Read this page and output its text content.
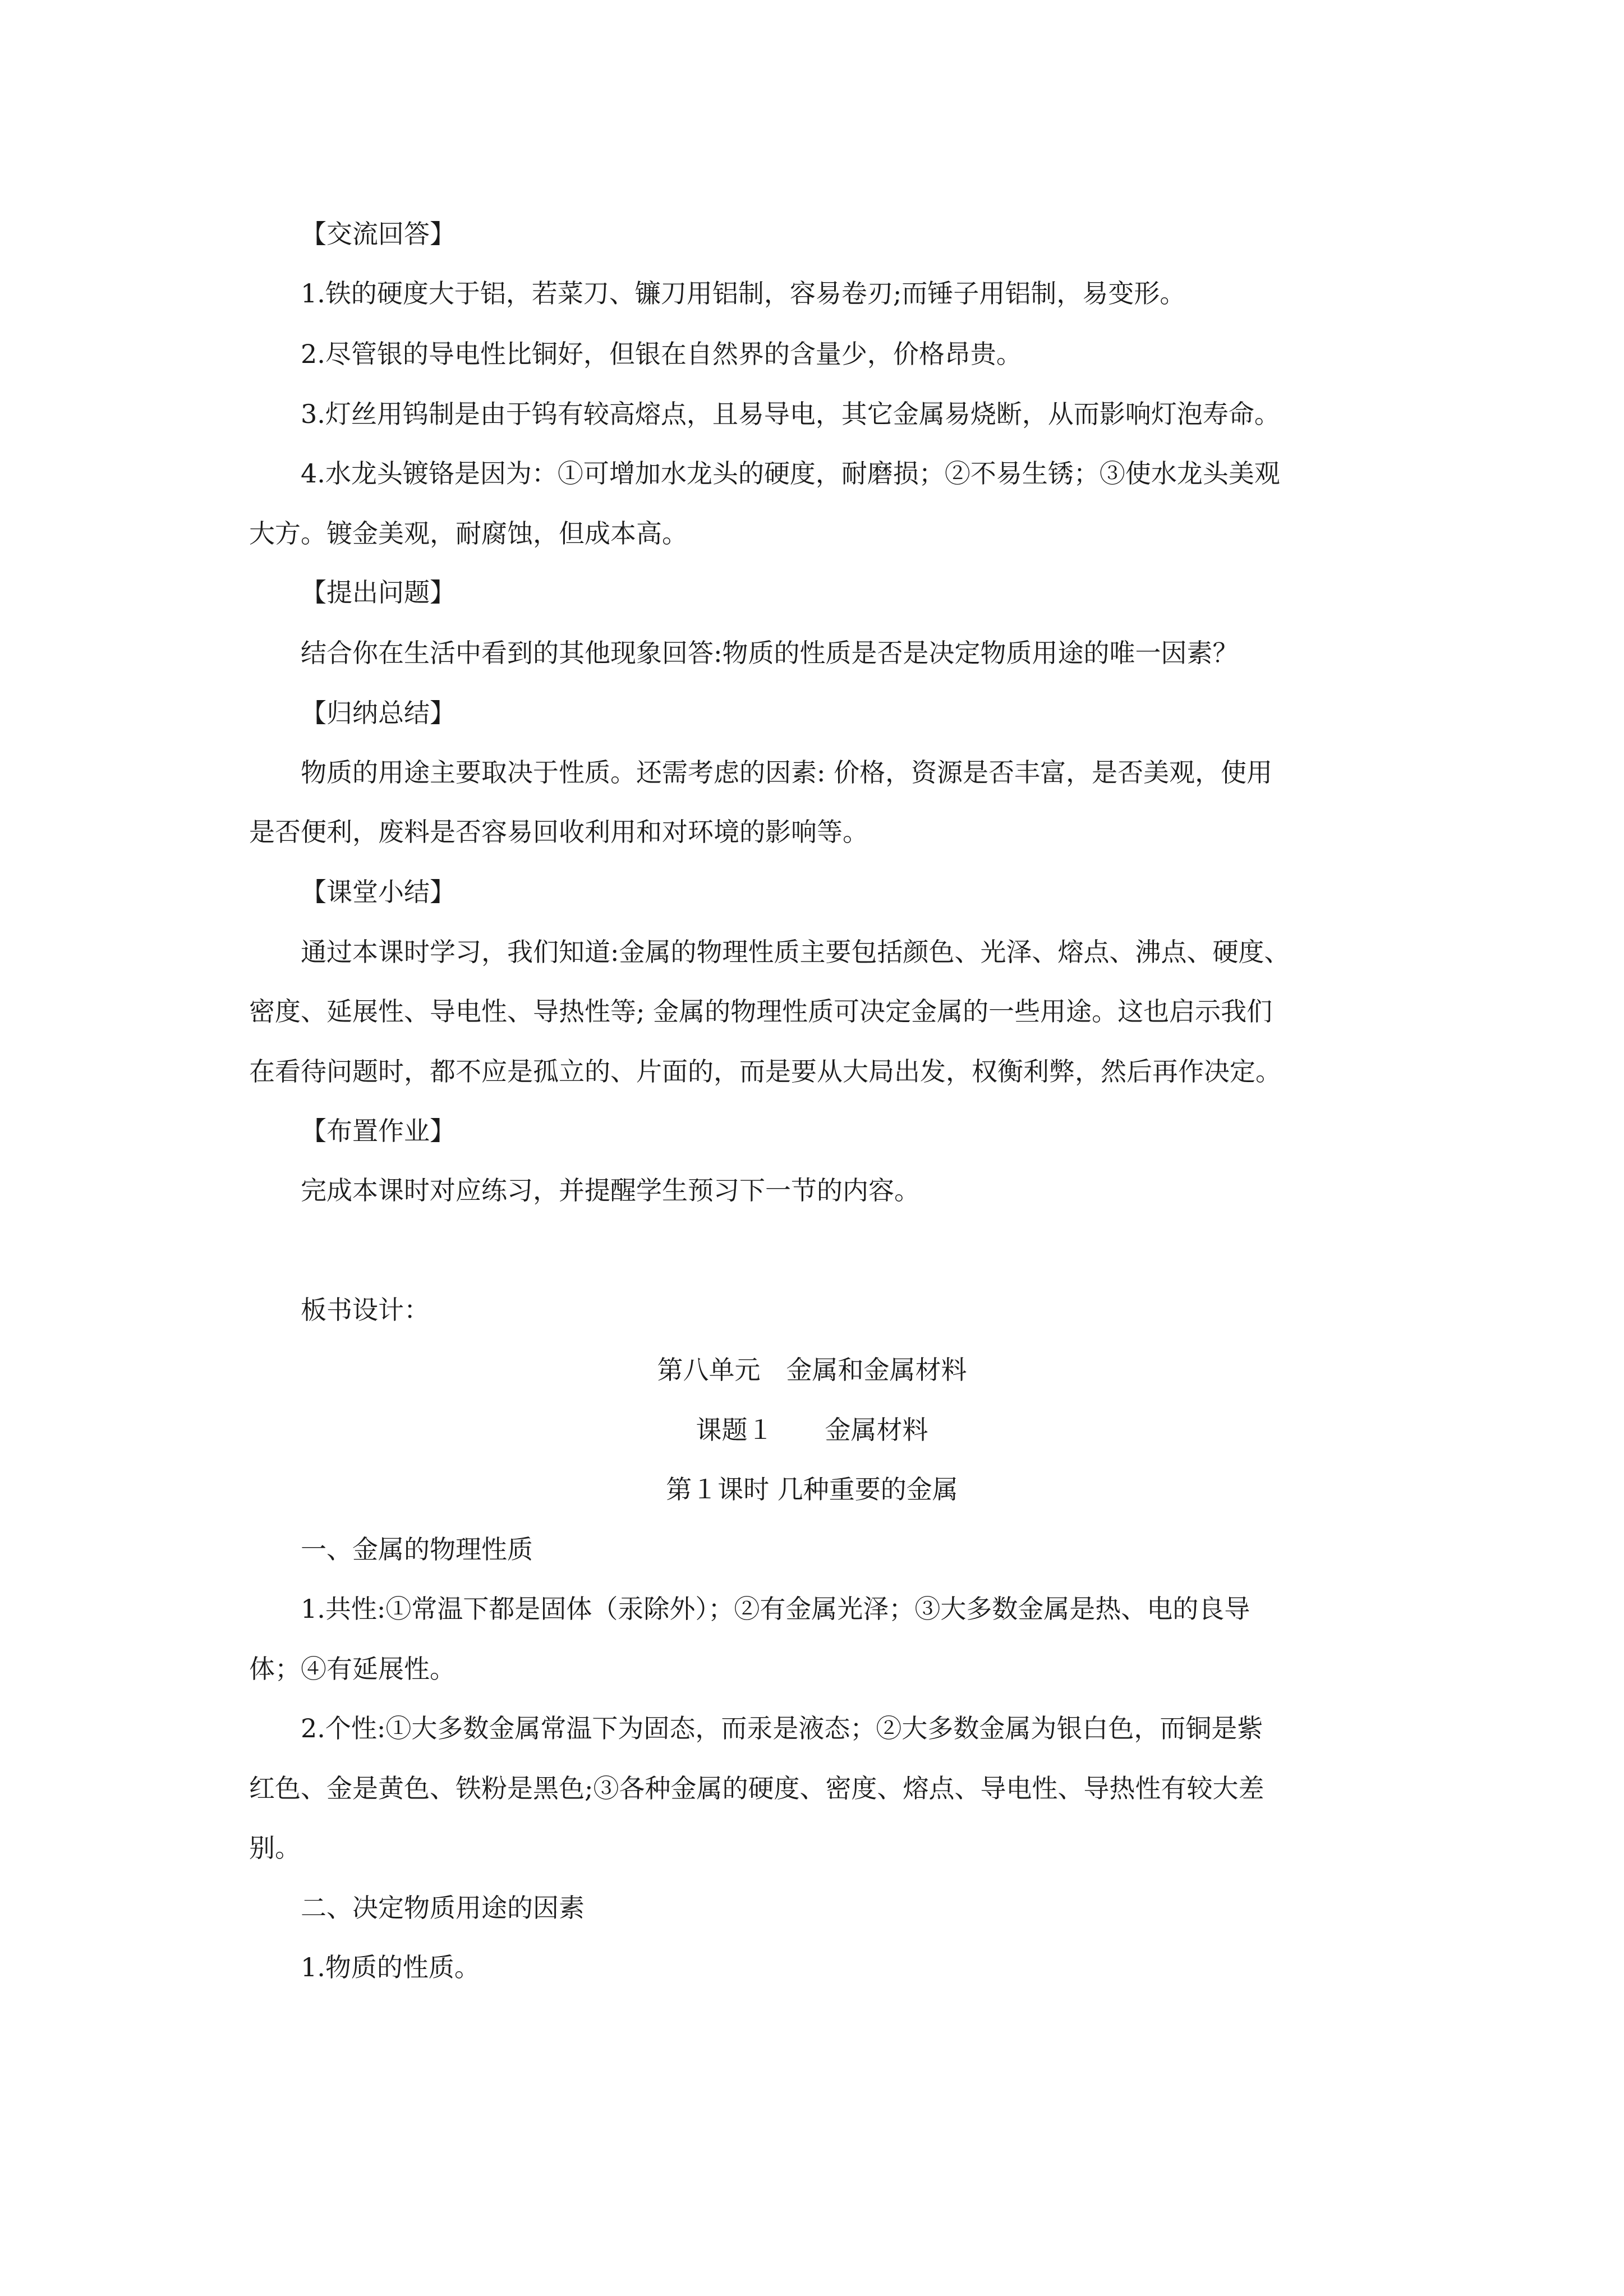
【交流回答】

1.铁的硬度大于铝，若菜刀、镰刀用铝制，容易卷刃;而锤子用铝制，易变形。

2.尽管银的导电性比铜好，但银在自然界的含量少，价格昂贵。

3.灯丝用钨制是由于钨有较高熔点，且易导电，其它金属易烧断，从而影响灯泡寿命。

4.水龙头镀铬是因为：①可增加水龙头的硬度，耐磨损；②不易生锈；③使水龙头美观

大方。镀金美观，耐腐蚀，但成本高。

【提出问题】

结合你在生活中看到的其他现象回答:物质的性质是否是决定物质用途的唯一因素？

【归纳总结】

物质的用途主要取决于性质。还需考虑的因素: 价格，资源是否丰富，是否美观，使用

是否便利，废料是否容易回收利用和对环境的影响等。

【课堂小结】

通过本课时学习，我们知道:金属的物理性质主要包括颜色、光泽、熔点、沸点、硬度、

密度、延展性、导电性、导热性等; 金属的物理性质可决定金属的一些用途。这也启示我们

在看待问题时，都不应是孤立的、片面的，而是要从大局出发，权衡利弊，然后再作决定。

【布置作业】

完成本课时对应练习，并提醒学生预习下一节的内容。

板书设计：

第八单元　金属和金属材料

课题１　　金属材料

第１课时 几种重要的金属

一、金属的物理性质

1.共性:①常温下都是固体（汞除外）；②有金属光泽；③大多数金属是热、电的良导

体；④有延展性。

2.个性:①大多数金属常温下为固态，而汞是液态；②大多数金属为银白色，而铜是紫

红色、金是黄色、铁粉是黑色;③各种金属的硬度、密度、熔点、导电性、导热性有较大差

别。

二、决定物质用途的因素

1.物质的性质。
